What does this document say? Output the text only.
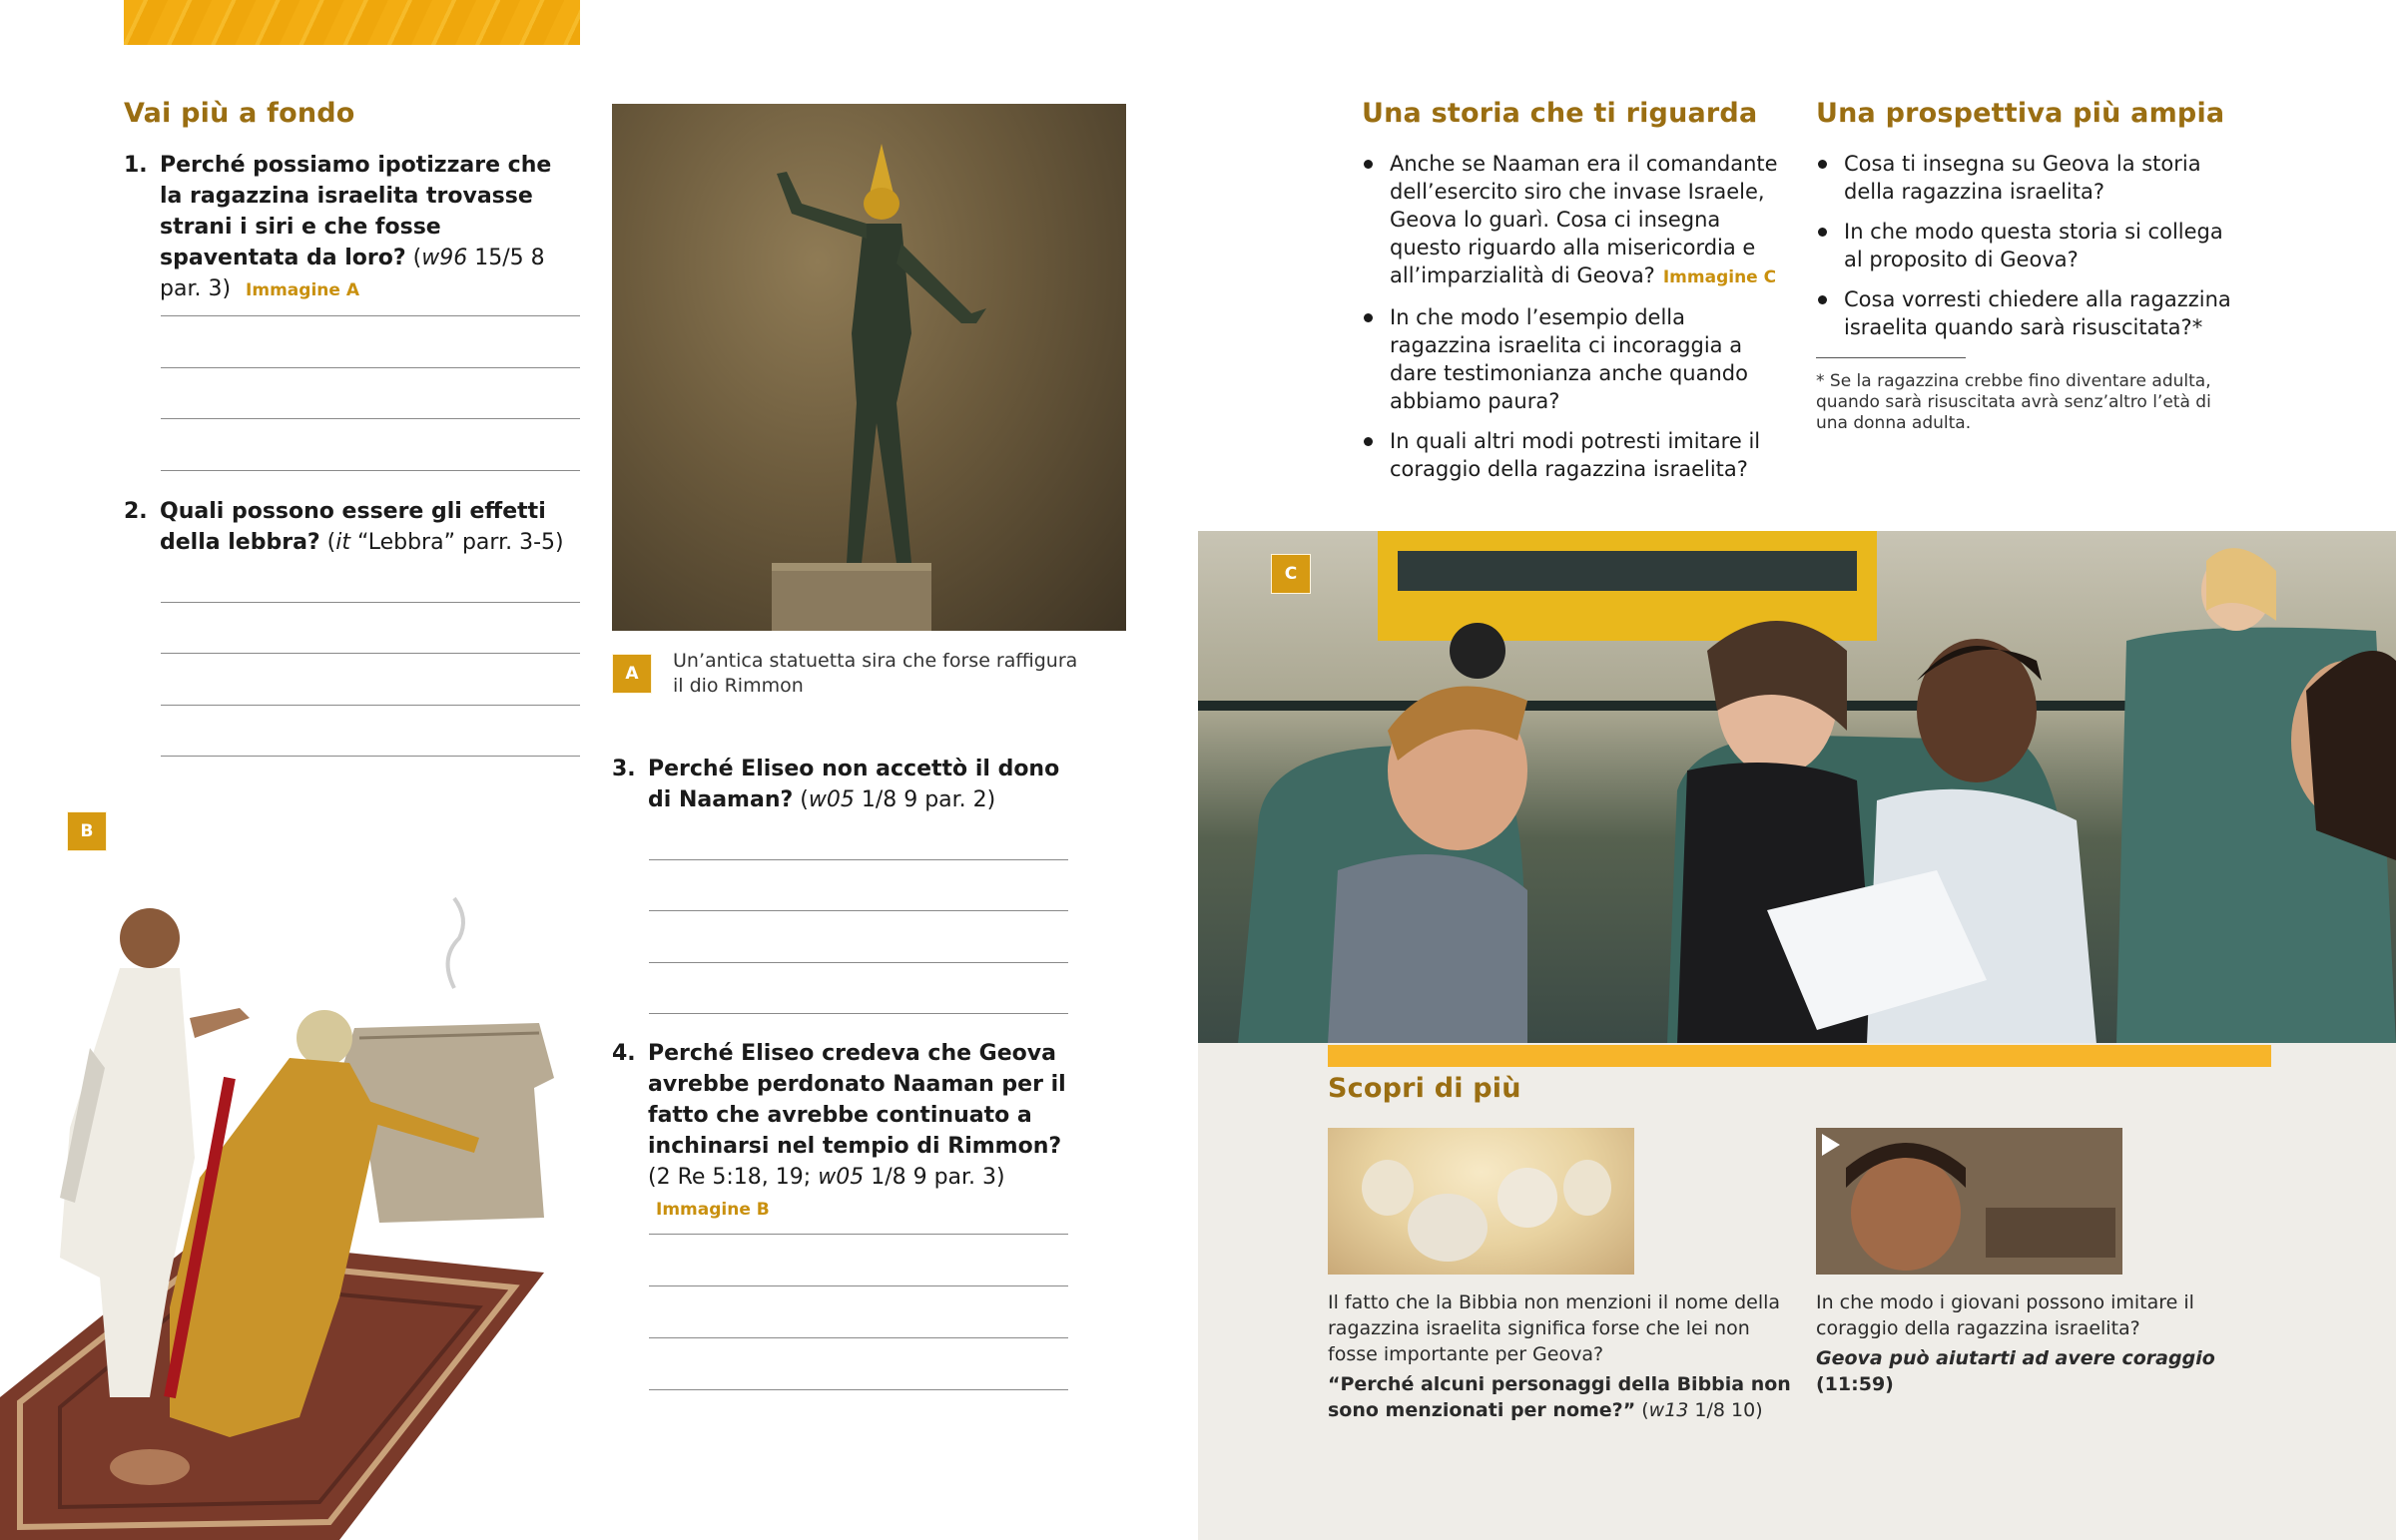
Vai più a fondo
1. Perché possiamo ipotizzare che la ragazzina israelita trovasse strani i siri e che fosse spaventata da loro? (w96 15/5 8 par. 3) Immagine A
2. Quali possono essere gli effetti della lebbra? (it “Lebbra” parr. 3-5)
A
Un’antica statuetta sira che forse raffigura il dio Rimmon
3. Perché Eliseo non accettò il dono di Naaman? (w05 1/8 9 par. 2)
4. Perché Eliseo credeva che Geova avrebbe perdonato Naaman per il fatto che avrebbe continuato a inchinarsi nel tempio di Rimmon? (2 Re 5:18, 19; w05 1/8 9 par. 3) Immagine B
B
Una storia che ti riguarda
Anche se Naaman era il comandante dell’esercito siro che invase Israele, Geova lo guarì. Cosa ci insegna questo riguardo alla misericordia e all’imparzialità di Geova? Immagine C
In che modo l’esempio della ragazzina israelita ci incoraggia a dare testimonianza anche quando abbiamo paura?
In quali altri modi potresti imitare il coraggio della ragazzina israelita?
Una prospettiva più ampia
Cosa ti insegna su Geova la storia della ragazzina israelita?
In che modo questa storia si collega al proposito di Geova?
Cosa vorresti chiedere alla ragazzina israelita quando sarà risuscitata?*
* Se la ragazzina crebbe fino diventare adulta, quando sarà risuscitata avrà senz’altro l’età di una donna adulta.
C
Scopri di più
Il fatto che la Bibbia non menzioni il nome della ragazzina israelita significa forse che lei non fosse importante per Geova?
“Perché alcuni personaggi della Bibbia non sono menzionati per nome?” (w13 1/8 10)
In che modo i giovani possono imitare il coraggio della ragazzina israelita?
Geova può aiutarti ad avere coraggio (11:59)
